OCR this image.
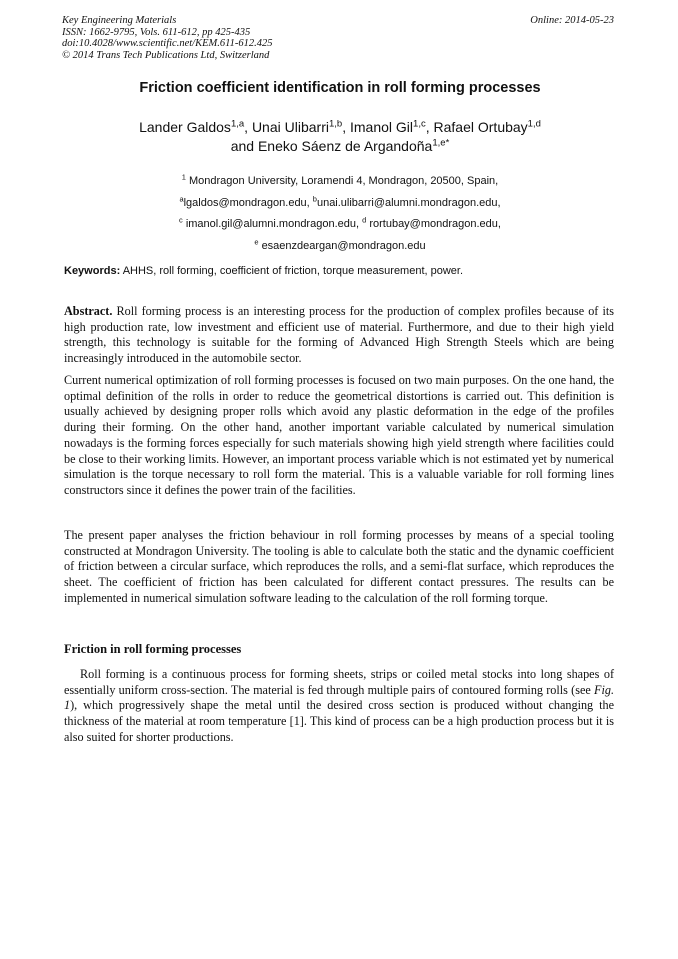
Key Engineering Materials
ISSN: 1662-9795, Vols. 611-612, pp 425-435
doi:10.4028/www.scientific.net/KEM.611-612.425
© 2014 Trans Tech Publications Ltd, Switzerland
Online: 2014-05-23
Friction coefficient identification in roll forming processes
Lander Galdos$^{1,a}$, Unai Ulibarri$^{1,b}$, Imanol Gil$^{1,c}$, Rafael Ortubay$^{1,d}$
and Eneko Sáenz de Argandoña$^{1,e*}$
$^1$ Mondragon University, Loramendi 4, Mondragon, 20500, Spain,
$^a$lgaldos@mondragon.edu, $^b$unai.ulibarri@alumni.mondragon.edu,
$^c$ imanol.gil@alumni.mondragon.edu, $^d$ rortubay@mondragon.edu,
$^e$ esaenzdeargan@mondragon.edu
Keywords: AHHS, roll forming, coefficient of friction, torque measurement, power.
Abstract. Roll forming process is an interesting process for the production of complex profiles because of its high production rate, low investment and efficient use of material. Furthermore, and due to their high yield strength, this technology is suitable for the forming of Advanced High Strength Steels which are being increasingly introduced in the automobile sector.
Current numerical optimization of roll forming processes is focused on two main purposes. On the one hand, the optimal definition of the rolls in order to reduce the geometrical distortions is carried out. This definition is usually achieved by designing proper rolls which avoid any plastic deformation in the edge of the profiles during their forming. On the other hand, another important variable calculated by numerical simulation nowadays is the forming forces especially for such materials showing high yield strength where facilities could be close to their working limits. However, an important process variable which is not estimated yet by numerical simulation is the torque necessary to roll form the material. This is a valuable variable for roll forming lines constructors since it defines the power train of the facilities.
The present paper analyses the friction behaviour in roll forming processes by means of a special tooling constructed at Mondragon University. The tooling is able to calculate both the static and the dynamic coefficient of friction between a circular surface, which reproduces the rolls, and a semi-flat surface, which reproduces the sheet. The coefficient of friction has been calculated for different contact pressures. The results can be implemented in numerical simulation software leading to the calculation of the roll forming torque.
Friction in roll forming processes
Roll forming is a continuous process for forming sheets, strips or coiled metal stocks into long shapes of essentially uniform cross-section. The material is fed through multiple pairs of contoured forming rolls (see Fig. 1), which progressively shape the metal until the desired cross section is produced without changing the thickness of the material at room temperature [1]. This kind of process can be a high production process but it is also suited for shorter productions.
